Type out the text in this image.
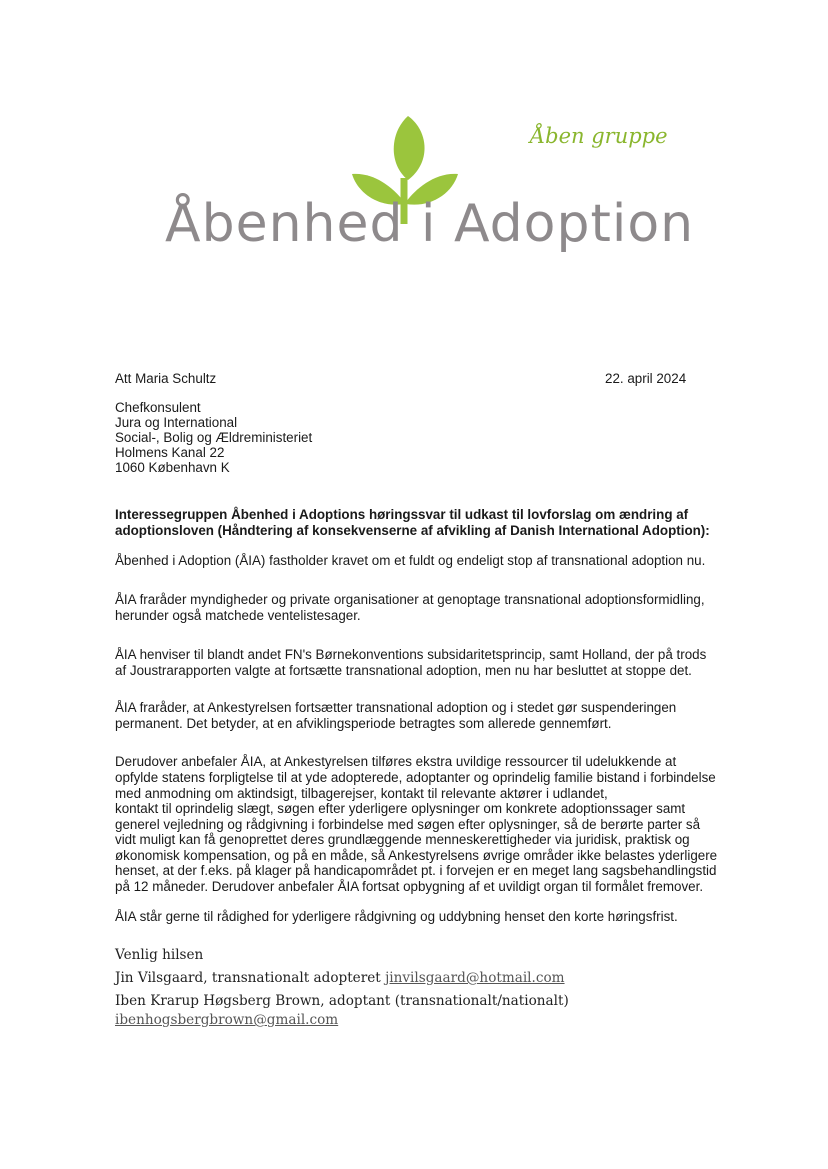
Åbenhed i Adoption
Åben gruppe
Att Maria Schultz	22. april 2024
Chefkonsulent
Jura og International
Social-, Bolig og Ældreministeriet
Holmens Kanal 22
1060 København K
Interessegruppen Åbenhed i Adoptions høringssvar til udkast til lovforslag om ændring af
adoptionsloven (Håndtering af konsekvenserne af afvikling af Danish International Adoption):
Åbenhed i Adoption (ÅIA) fastholder kravet om et fuldt og endeligt stop af transnational adoption nu.
ÅIA fraråder myndigheder og private organisationer at genoptage transnational adoptionsformidling,
herunder også matchede ventelistesager.
ÅIA henviser til blandt andet FN's Børnekonventions subsidaritetsprincip, samt Holland, der på trods
af Joustrarapporten valgte at fortsætte transnational adoption, men nu har besluttet at stoppe det.
ÅIA fraråder, at Ankestyrelsen fortsætter transnational adoption og i stedet gør suspenderingen
permanent. Det betyder, at en afviklingsperiode betragtes som allerede gennemført.
Derudover anbefaler ÅIA, at Ankestyrelsen tilføres ekstra uvildige ressourcer til udelukkende at
opfylde statens forpligtelse til at yde adopterede, adoptanter og oprindelig familie bistand i forbindelse
med anmodning om aktindsigt, tilbagerejser, kontakt til relevante aktører i udlandet,
kontakt til oprindelig slægt, søgen efter yderligere oplysninger om konkrete adoptionssager samt
generel vejledning og rådgivning i forbindelse med søgen efter oplysninger, så de berørte parter så
vidt muligt kan få genoprettet deres grundlæggende menneskerettigheder via juridisk, praktisk og
økonomisk kompensation, og på en måde, så Ankestyrelsens øvrige områder ikke belastes yderligere
henset, at der f.eks. på klager på handicapområdet pt. i forvejen er en meget lang sagsbehandlingstid
på 12 måneder. Derudover anbefaler ÅIA fortsat opbygning af et uvildigt organ til formålet fremover.
ÅIA står gerne til rådighed for yderligere rådgivning og uddybning henset den korte høringsfrist.
Venlig hilsen
Jin Vilsgaard, transnationalt adopteret jinvilsgaard@hotmail.com
Iben Krarup Høgsberg Brown, adoptant (transnationalt/nationalt)
ibenhogsbergbrown@gmail.com
